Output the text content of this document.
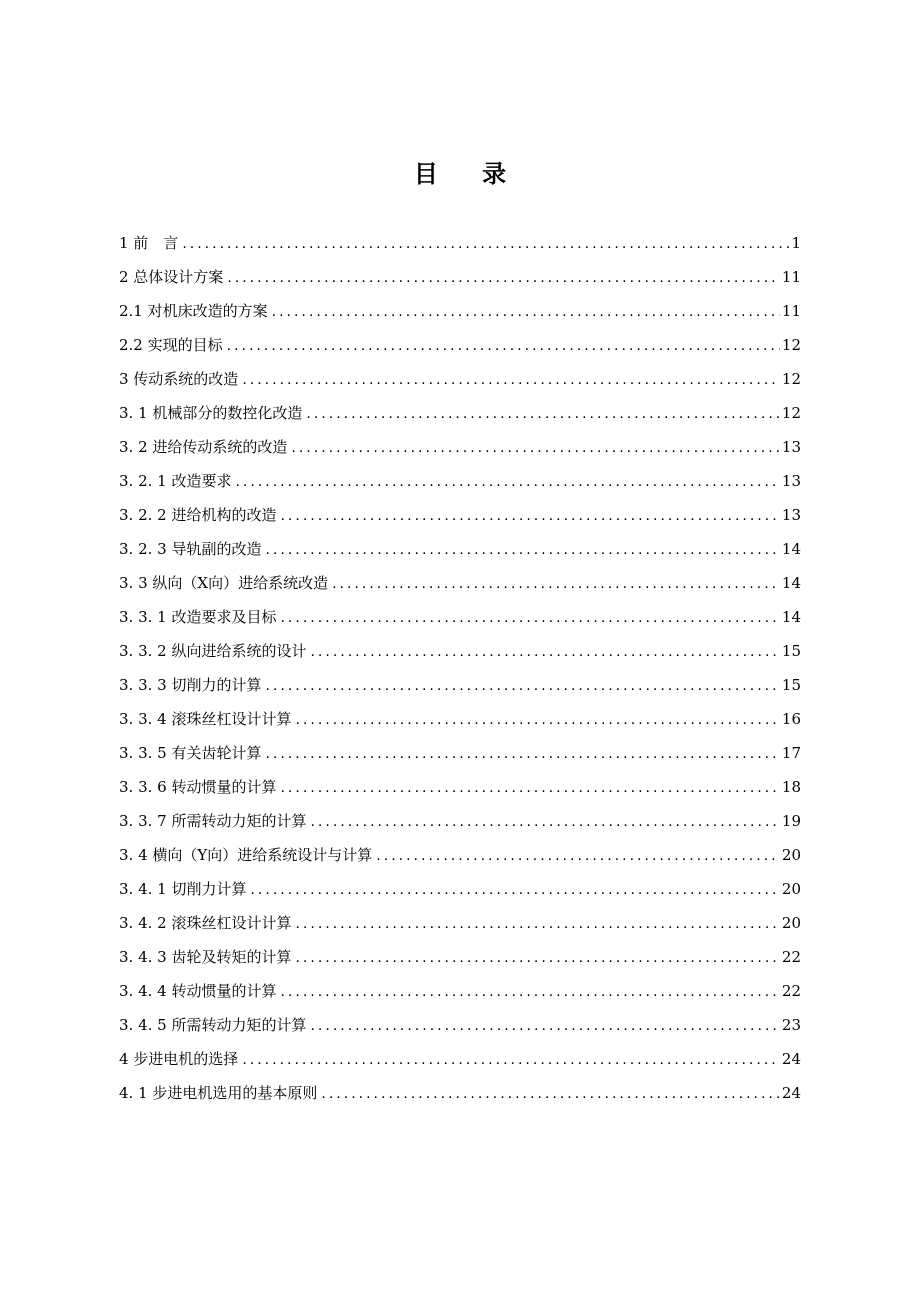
目 录
1 前　言 .....	1
2 总体设计方案 .....	11
2.1 对机床改造的方案 .....	11
2.2 实现的目标 .....	12
3 传动系统的改造 .....	12
3. 1 机械部分的数控化改造 .....	12
3. 2 进给传动系统的改造 .....	13
3. 2. 1 改造要求 .....	13
3. 2. 2 进给机构的改造 .....	13
3. 2. 3 导轨副的改造 .....	14
3. 3 纵向（X向）进给系统改造 .....	14
3. 3. 1 改造要求及目标 .....	14
3. 3. 2 纵向进给系统的设计 .....	15
3. 3. 3 切削力的计算 .....	15
3. 3. 4 滚珠丝杠设计计算 .....	16
3. 3. 5 有关齿轮计算 .....	17
3. 3. 6 转动惯量的计算 .....	18
3. 3. 7 所需转动力矩的计算 .....	19
3. 4 横向（Y向）进给系统设计与计算 .....	20
3. 4. 1 切削力计算 .....	20
3. 4. 2 滚珠丝杠设计计算 .....	20
3. 4. 3 齿轮及转矩的计算 .....	22
3. 4. 4 转动惯量的计算 .....	22
3. 4. 5 所需转动力矩的计算 .....	23
4 步进电机的选择 .....	24
4. 1 步进电机选用的基本原则 .....	24
